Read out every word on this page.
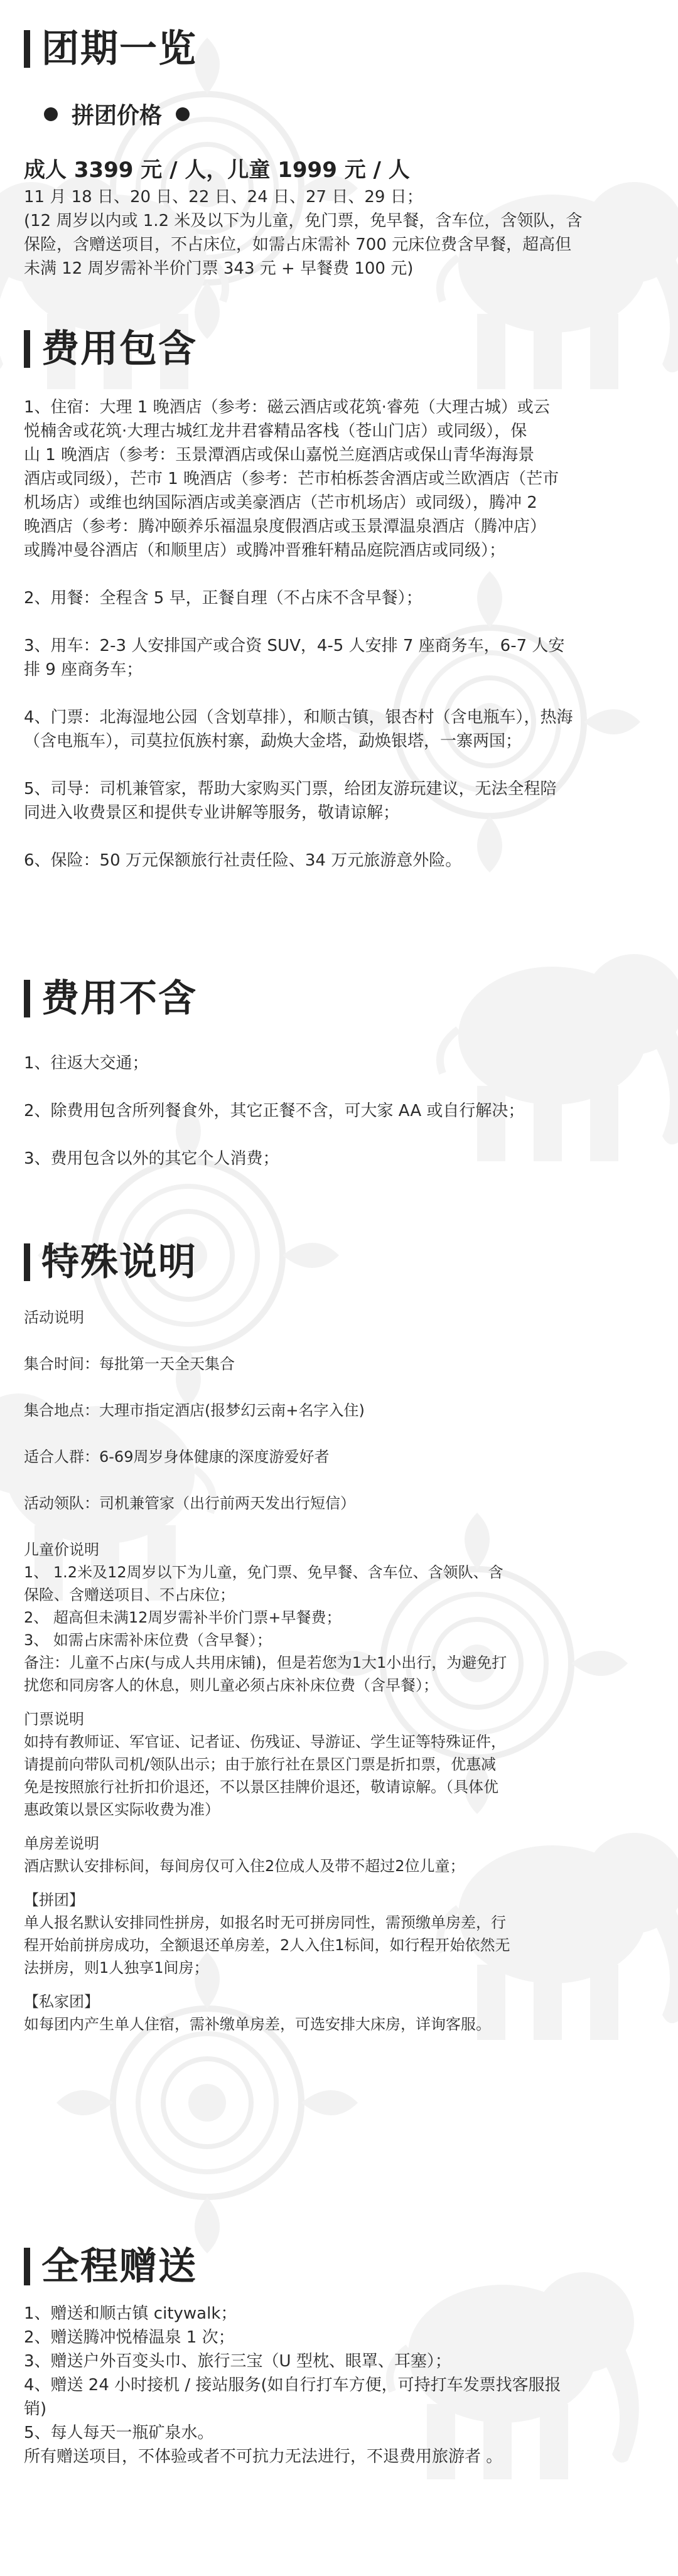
团期一览
拼团价格
成人 3399 元 / 人，儿童 1999 元 / 人

11 月 18 日、20 日、22 日、24 日、27 日、29 日；

(12 周岁以内或 1.2 米及以下为儿童，免门票，免早餐，含车位，含领队，含

保险，含赠送项目，不占床位，如需占床需补 700 元床位费含早餐，超高但

未满 12 周岁需补半价门票 343 元 + 早餐费 100 元)

费用包含

1、住宿：大理 1 晚酒店（参考：磁云酒店或花筑·睿苑（大理古城）或云

悦楠舍或花筑·大理古城红龙井君睿精品客栈（苍山门店）或同级），保

山 1 晚酒店（参考：玉景潭酒店或保山嘉悦兰庭酒店或保山青华海海景

酒店或同级），芒市 1 晚酒店（参考：芒市柏栎荟舍酒店或兰欧酒店（芒市

机场店）或维也纳国际酒店或美豪酒店（芒市机场店）或同级），腾冲 2

晚酒店（参考：腾冲颐养乐福温泉度假酒店或玉景潭温泉酒店（腾冲店）

或腾冲曼谷酒店（和顺里店）或腾冲晋雅轩精品庭院酒店或同级）；

2、用餐：全程含 5 早，正餐自理（不占床不含早餐）；

3、用车：2-3 人安排国产或合资 SUV，4-5 人安排 7 座商务车，6-7 人安

排 9 座商务车；

4、门票：北海湿地公园（含划草排），和顺古镇，银杏村（含电瓶车），热海

（含电瓶车），司莫拉佤族村寨，勐焕大金塔，勐焕银塔，一寨两国；

5、司导：司机兼管家，帮助大家购买门票，给团友游玩建议，无法全程陪

同进入收费景区和提供专业讲解等服务，敬请谅解；

6、保险：50 万元保额旅行社责任险、34 万元旅游意外险。

费用不含

1、往返大交通；

2、除费用包含所列餐食外，其它正餐不含，可大家 AA 或自行解决；

3、费用包含以外的其它个人消费；

特殊说明

活动说明

集合时间：每批第一天全天集合

集合地点：大理市指定酒店(报梦幻云南+名字入住)

适合人群：6-69周岁身体健康的深度游爱好者

活动领队：司机兼管家（出行前两天发出行短信）

儿童价说明

1、 1.2米及12周岁以下为儿童，免门票、免早餐、含车位、含领队、含

保险、含赠送项目、不占床位；

2、 超高但未满12周岁需补半价门票+早餐费；

3、 如需占床需补床位费（含早餐）；

备注：儿童不占床(与成人共用床铺)，但是若您为1大1小出行，为避免打

扰您和同房客人的休息，则儿童必须占床补床位费（含早餐）；

门票说明

如持有教师证、军官证、记者证、伤残证、导游证、学生证等特殊证件，

请提前向带队司机/领队出示；由于旅行社在景区门票是折扣票，优惠减

免是按照旅行社折扣价退还，不以景区挂牌价退还，敬请谅解。（具体优

惠政策以景区实际收费为准）

单房差说明

酒店默认安排标间，每间房仅可入住2位成人及带不超过2位儿童；

【拼团】

单人报名默认安排同性拼房，如报名时无可拼房同性，需预缴单房差，行

程开始前拼房成功，全额退还单房差，2人入住1标间，如行程开始依然无

法拼房，则1人独享1间房；

【私家团】

如每团内产生单人住宿，需补缴单房差，可选安排大床房，详询客服。

全程赠送

1、赠送和顺古镇 citywalk；

2、赠送腾冲悦椿温泉 1 次；

3、赠送户外百变头巾、旅行三宝（U 型枕、眼罩、耳塞）；

4、赠送 24 小时接机 / 接站服务(如自行打车方便，可持打车发票找客服报

销)

5、每人每天一瓶矿泉水。

所有赠送项目，不体验或者不可抗力无法进行，不退费用旅游者 。
